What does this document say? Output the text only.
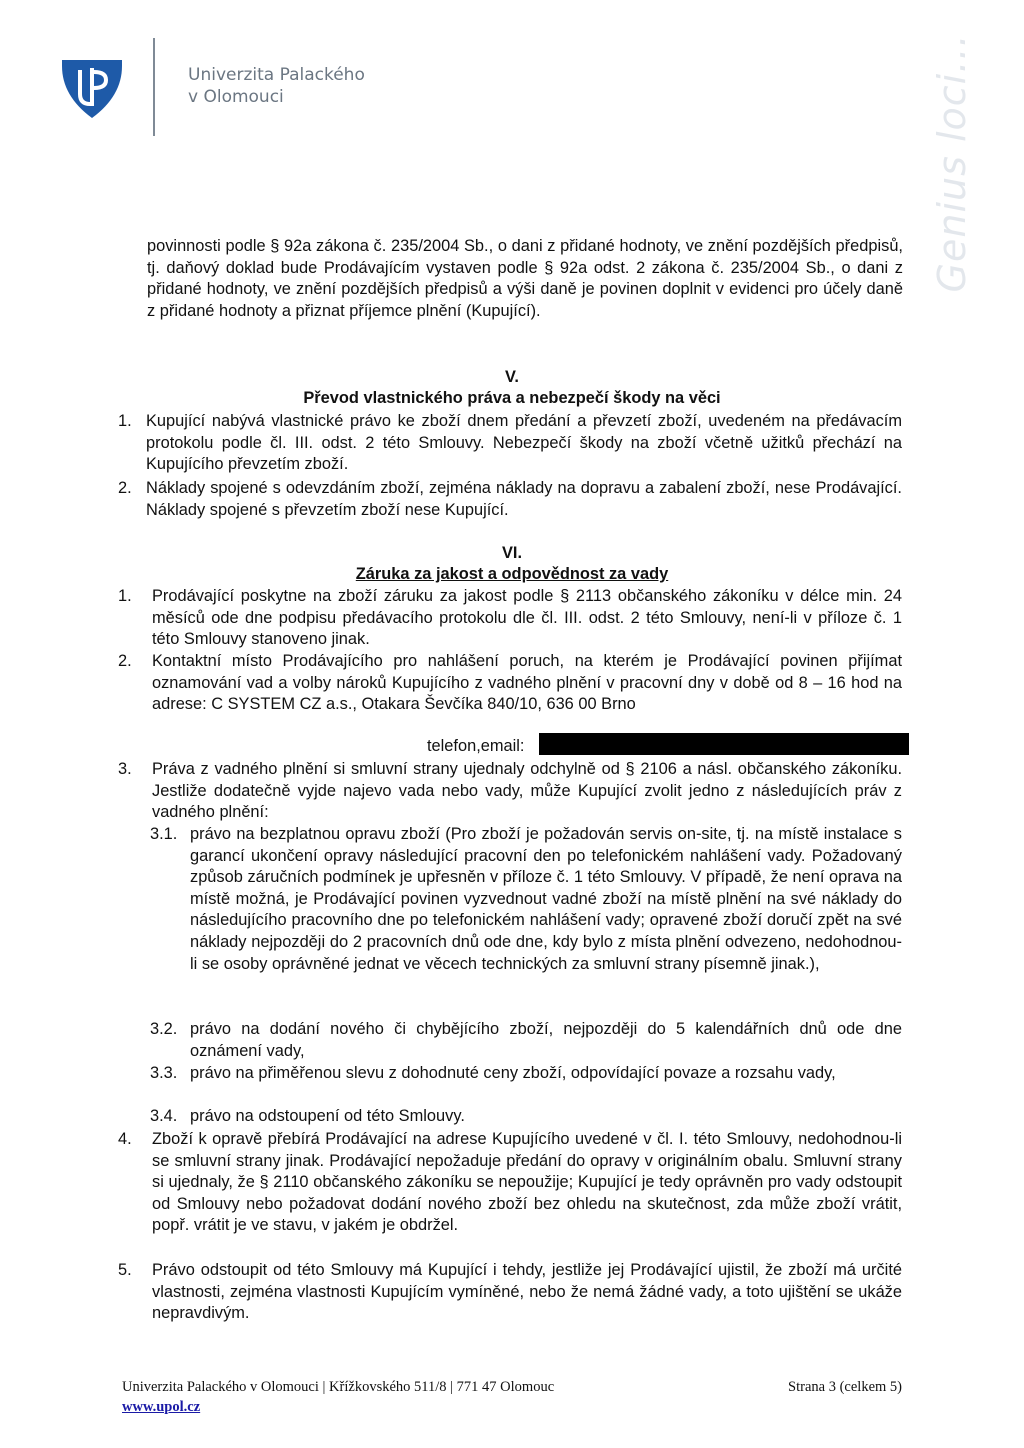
Univerzita Palackého
v Olomouci	Genius loci...
povinnosti podle § 92a zákona č. 235/2004 Sb., o dani z přidané hodnoty, ve znění pozdějších předpisů, tj. daňový doklad bude Prodávajícím vystaven podle § 92a odst. 2 zákona č. 235/2004 Sb., o dani z přidané hodnoty, ve znění pozdějších předpisů a výši daně je povinen doplnit v evidenci pro účely daně z přidané hodnoty a přiznat příjemce plnění (Kupující).
V.
Převod vlastnického práva a nebezpečí škody na věci
1. Kupující nabývá vlastnické právo ke zboží dnem předání a převzetí zboží, uvedeném na předávacím protokolu podle čl. III. odst. 2 této Smlouvy. Nebezpečí škody na zboží včetně užitků přechází na Kupujícího převzetím zboží.
2. Náklady spojené s odevzdáním zboží, zejména náklady na dopravu a zabalení zboží, nese Prodávající. Náklady spojené s převzetím zboží nese Kupující.
VI.
Záruka za jakost a odpovědnost za vady
1. Prodávající poskytne na zboží záruku za jakost podle § 2113 občanského zákoníku v délce min. 24 měsíců ode dne podpisu předávacího protokolu dle čl. III. odst. 2 této Smlouvy, není-li v příloze č. 1 této Smlouvy stanoveno jinak.
2. Kontaktní místo Prodávajícího pro nahlášení poruch, na kterém je Prodávající povinen přijímat oznamování vad a volby nároků Kupujícího z vadného plnění v pracovní dny v době od 8 – 16 hod na adrese: C SYSTEM CZ a.s., Otakara Ševčíka 840/10, 636 00 Brno
telefon,email:
3. Práva z vadného plnění si smluvní strany ujednaly odchylně od § 2106 a násl. občanského zákoníku. Jestliže dodatečně vyjde najevo vada nebo vady, může Kupující zvolit jedno z následujících práv z vadného plnění:
3.1. právo na bezplatnou opravu zboží (Pro zboží je požadován servis on-site, tj. na místě instalace s garancí ukončení opravy následující pracovní den po telefonickém nahlášení vady. Požadovaný způsob záručních podmínek je upřesněn v příloze č. 1 této Smlouvy. V případě, že není oprava na místě možná, je Prodávající povinen vyzvednout vadné zboží na místě plnění na své náklady do následujícího pracovního dne po telefonickém nahlášení vady; opravené zboží doručí zpět na své náklady nejpozději do 2 pracovních dnů ode dne, kdy bylo z místa plnění odvezeno, nedohodnou-li se osoby oprávněné jednat ve věcech technických za smluvní strany písemně jinak.),
3.2. právo na dodání nového či chybějícího zboží, nejpozději do 5 kalendářních dnů ode dne oznámení vady,
3.3. právo na přiměřenou slevu z dohodnuté ceny zboží, odpovídající povaze a rozsahu vady,
3.4. právo na odstoupení od této Smlouvy.
4. Zboží k opravě přebírá Prodávající na adrese Kupujícího uvedené v čl. I. této Smlouvy, nedohodnou-li se smluvní strany jinak. Prodávající nepožaduje předání do opravy v originálním obalu. Smluvní strany si ujednaly, že § 2110 občanského zákoníku se nepoužije; Kupující je tedy oprávněn pro vady odstoupit od Smlouvy nebo požadovat dodání nového zboží bez ohledu na skutečnost, zda může zboží vrátit, popř. vrátit je ve stavu, v jakém je obdržel.
5. Právo odstoupit od této Smlouvy má Kupující i tehdy, jestliže jej Prodávající ujistil, že zboží má určité vlastnosti, zejména vlastnosti Kupujícím vymíněné, nebo že nemá žádné vady, a toto ujištění se ukáže nepravdivým.
Univerzita Palackého v Olomouci | Křížkovského 511/8 | 771 47 Olomouc	Strana 3 (celkem 5)
www.upol.cz
